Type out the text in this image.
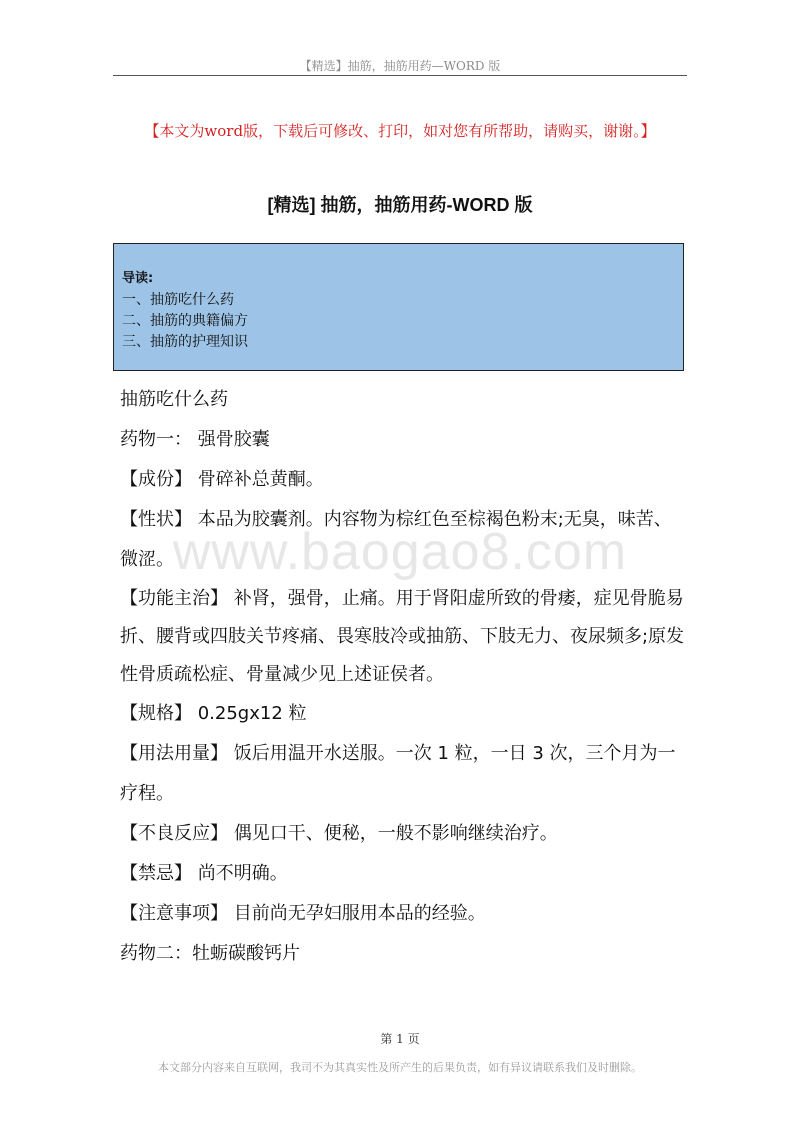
【精选】抽筋，抽筋用药—WORD 版
【本文为word版，下载后可修改、打印，如对您有所帮助，请购买，谢谢。】
[精选] 抽筋，抽筋用药-WORD 版
导读:
一、抽筋吃什么药
二、抽筋的典籍偏方
三、抽筋的护理知识
www.baogao8.com

抽筋吃什么药

药物一： 强骨胶囊

【成份】 骨碎补总黄酮。

【性状】 本品为胶囊剂。内容物为棕红色至棕褐色粉末;无臭，味苦、微涩。

【功能主治】 补肾，强骨，止痛。用于肾阳虚所致的骨痿，症见骨脆易折、腰背或四肢关节疼痛、畏寒肢冷或抽筋、下肢无力、夜尿频多;原发性骨质疏松症、骨量减少见上述证侯者。

【规格】 0.25gx12 粒

【用法用量】 饭后用温开水送服。一次 1 粒，一日 3 次，三个月为一疗程。

【不良反应】 偶见口干、便秘，一般不影响继续治疗。

【禁忌】 尚不明确。

【注意事项】 目前尚无孕妇服用本品的经验。

药物二：牡蛎碳酸钙片

第 1 页
本文部分内容来自互联网，我司不为其真实性及所产生的后果负责，如有异议请联系我们及时删除。
